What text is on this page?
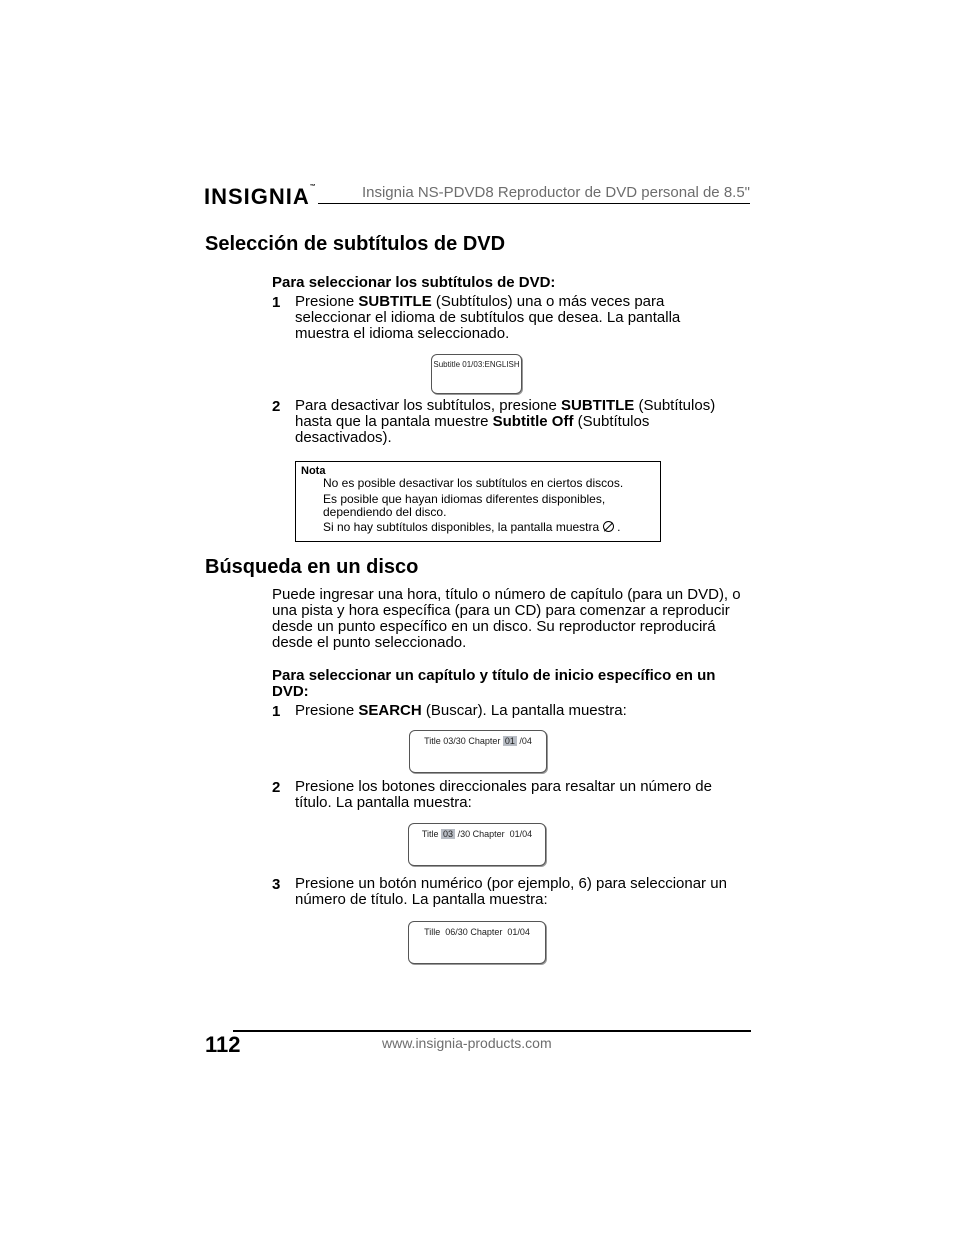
INSIGNIA™	Insignia NS-PDVD8 Reproductor de DVD personal de 8.5"
Selección de subtítulos de DVD
Para seleccionar los subtítulos de DVD:
1 Presione SUBTITLE (Subtítulos) una o más veces para seleccionar el idioma de subtítulos que desea. La pantalla muestra el idioma seleccionado.
Subtitle 01/03:ENGLISH
2 Para desactivar los subtítulos, presione SUBTITLE (Subtítulos) hasta que la pantala muestre Subtitle Off (Subtítulos desactivados).
Nota
No es posible desactivar los subtítulos en ciertos discos.
Es posible que hayan idiomas diferentes disponibles, dependiendo del disco.
Si no hay subtítulos disponibles, la pantalla muestra .
Búsqueda en un disco
Puede ingresar una hora, título o número de capítulo (para un DVD), o una pista y hora específica (para un CD) para comenzar a reproducir desde un punto específico en un disco. Su reproductor reproducirá desde el punto seleccionado.
Para seleccionar un capítulo y título de inicio específico en un DVD:
1 Presione SEARCH (Buscar). La pantalla muestra:
Title 03/30 Chapter 01 /04
2 Presione los botones direccionales para resaltar un número de título. La pantalla muestra:
Title 03 /30 Chapter  01/04
3 Presione un botón numérico (por ejemplo, 6) para seleccionar un número de título. La pantalla muestra:
Tille  06/30 Chapter  01/04
112	www.insignia-products.com
